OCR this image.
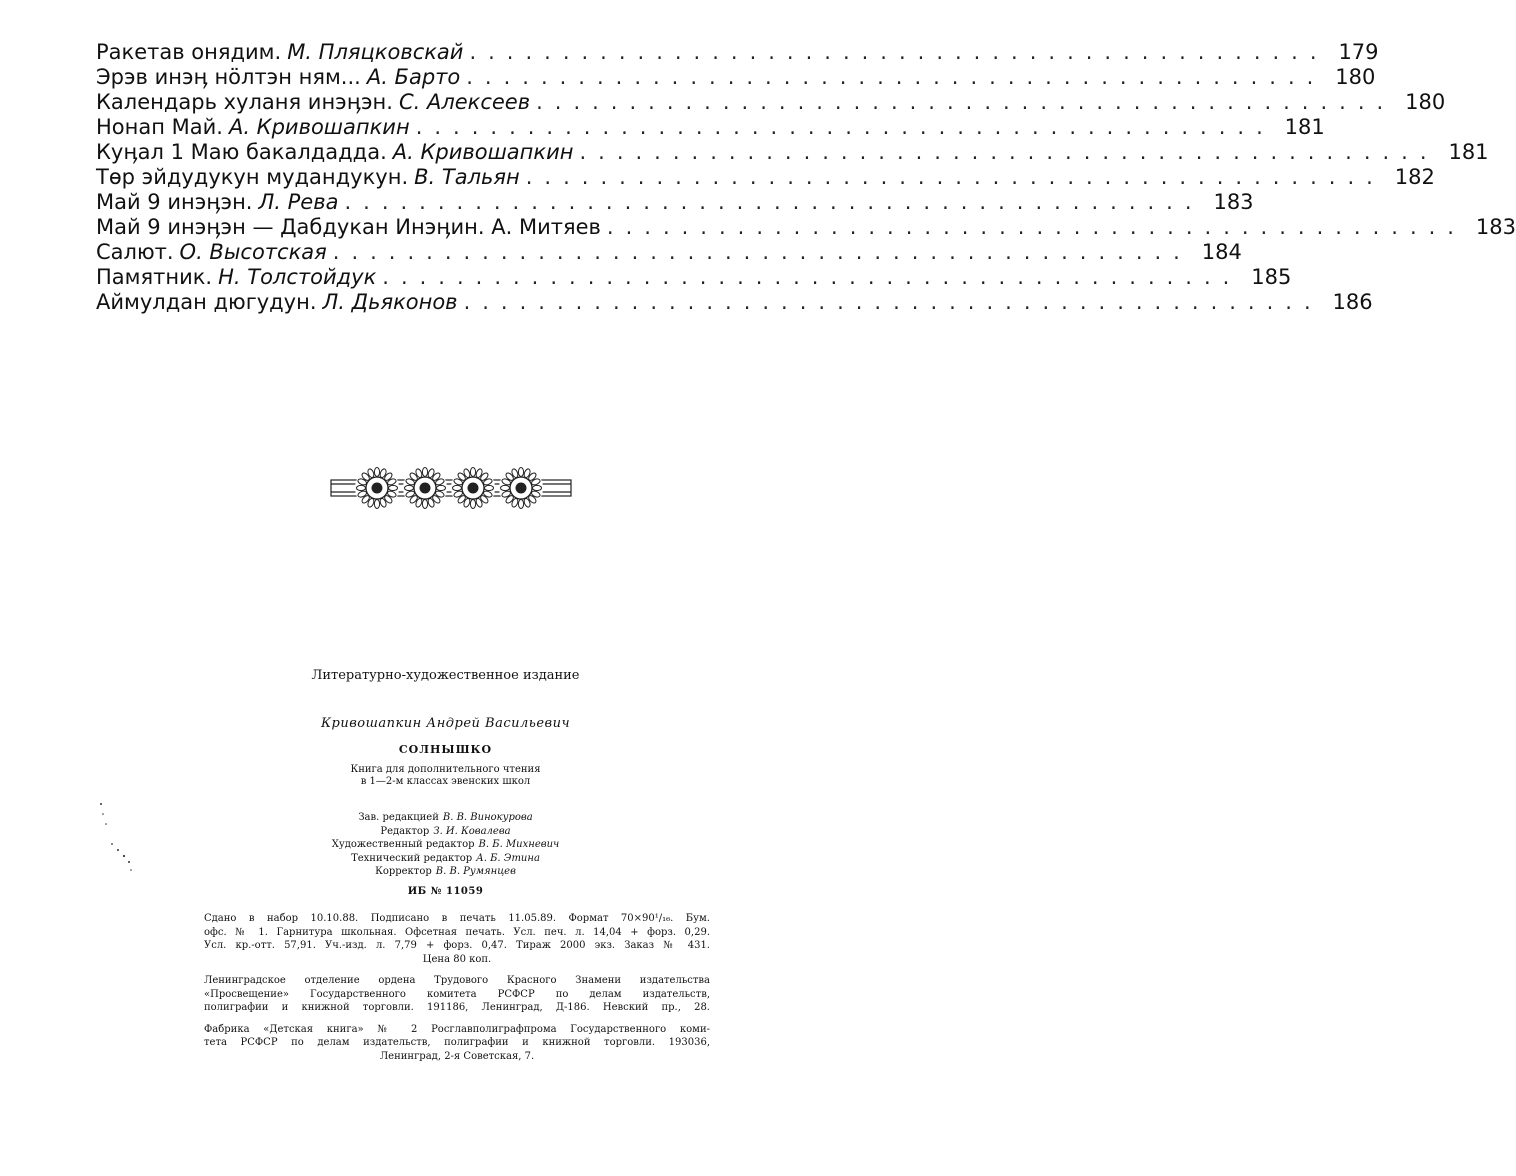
Ракетав онядим. М. Пляцковскай .............................................. 179
Эрэв инэӊ нӧлтэн ням... А. Барто .............................................. 180
Календарь хуланя инэӊэн. С. Алексеев .............................................. 180
Нонап Май. А. Кривошапкин .............................................. 181
Куӊал 1 Маю бакалдадда. А. Кривошапкин .............................................. 181
Төр эйдудукун мудандукун. В. Тальян .............................................. 182
Май 9 инэӊэн. Л. Рева .............................................. 183
Май 9 инэӊэн — Дабдукан Инэӊин. А. Митяев .............................................. 183
Салют. О. Высотская .............................................. 184
Памятник. Н. Толстойдук .............................................. 185
Аймулдан дюгудун. Л. Дьяконов .............................................. 186
Литературно-художественное издание
Кривошапкин Андрей Васильевич
СОЛНЫШКО
Книга для дополнительного чтения
в 1—2-м классах эвенских школ
Зав. редакцией В. В. Винокурова
Редактор З. И. Ковалева
Художественный редактор В. Б. Михневич
Технический редактор А. Б. Этина
Корректор В. В. Румянцев
ИБ № 11059

Сдано в набор 10.10.88. Подписано в печать 11.05.89. Формат 70×90¹/₁₆. Бум.
офс. № 1. Гарнитура школьная. Офсетная печать. Усл. печ. л. 14,04 + форз. 0,29.
Усл. кр.-отт. 57,91. Уч.-изд. л. 7,79 + форз. 0,47. Тираж 2000 экз. Заказ № 431.
Цена 80 коп.

Ленинградское отделение ордена Трудового Красного Знамени издательства
«Просвещение» Государственного комитета РСФСР по делам издательств,
полиграфии и книжной торговли. 191186, Ленинград, Д-186. Невский пр., 28.

Фабрика «Детская книга» № 2 Росглавполиграфпрома Государственного коми-
тета РСФСР по делам издательств, полиграфии и книжной торговли. 193036,
Ленинград, 2-я Советская, 7.
